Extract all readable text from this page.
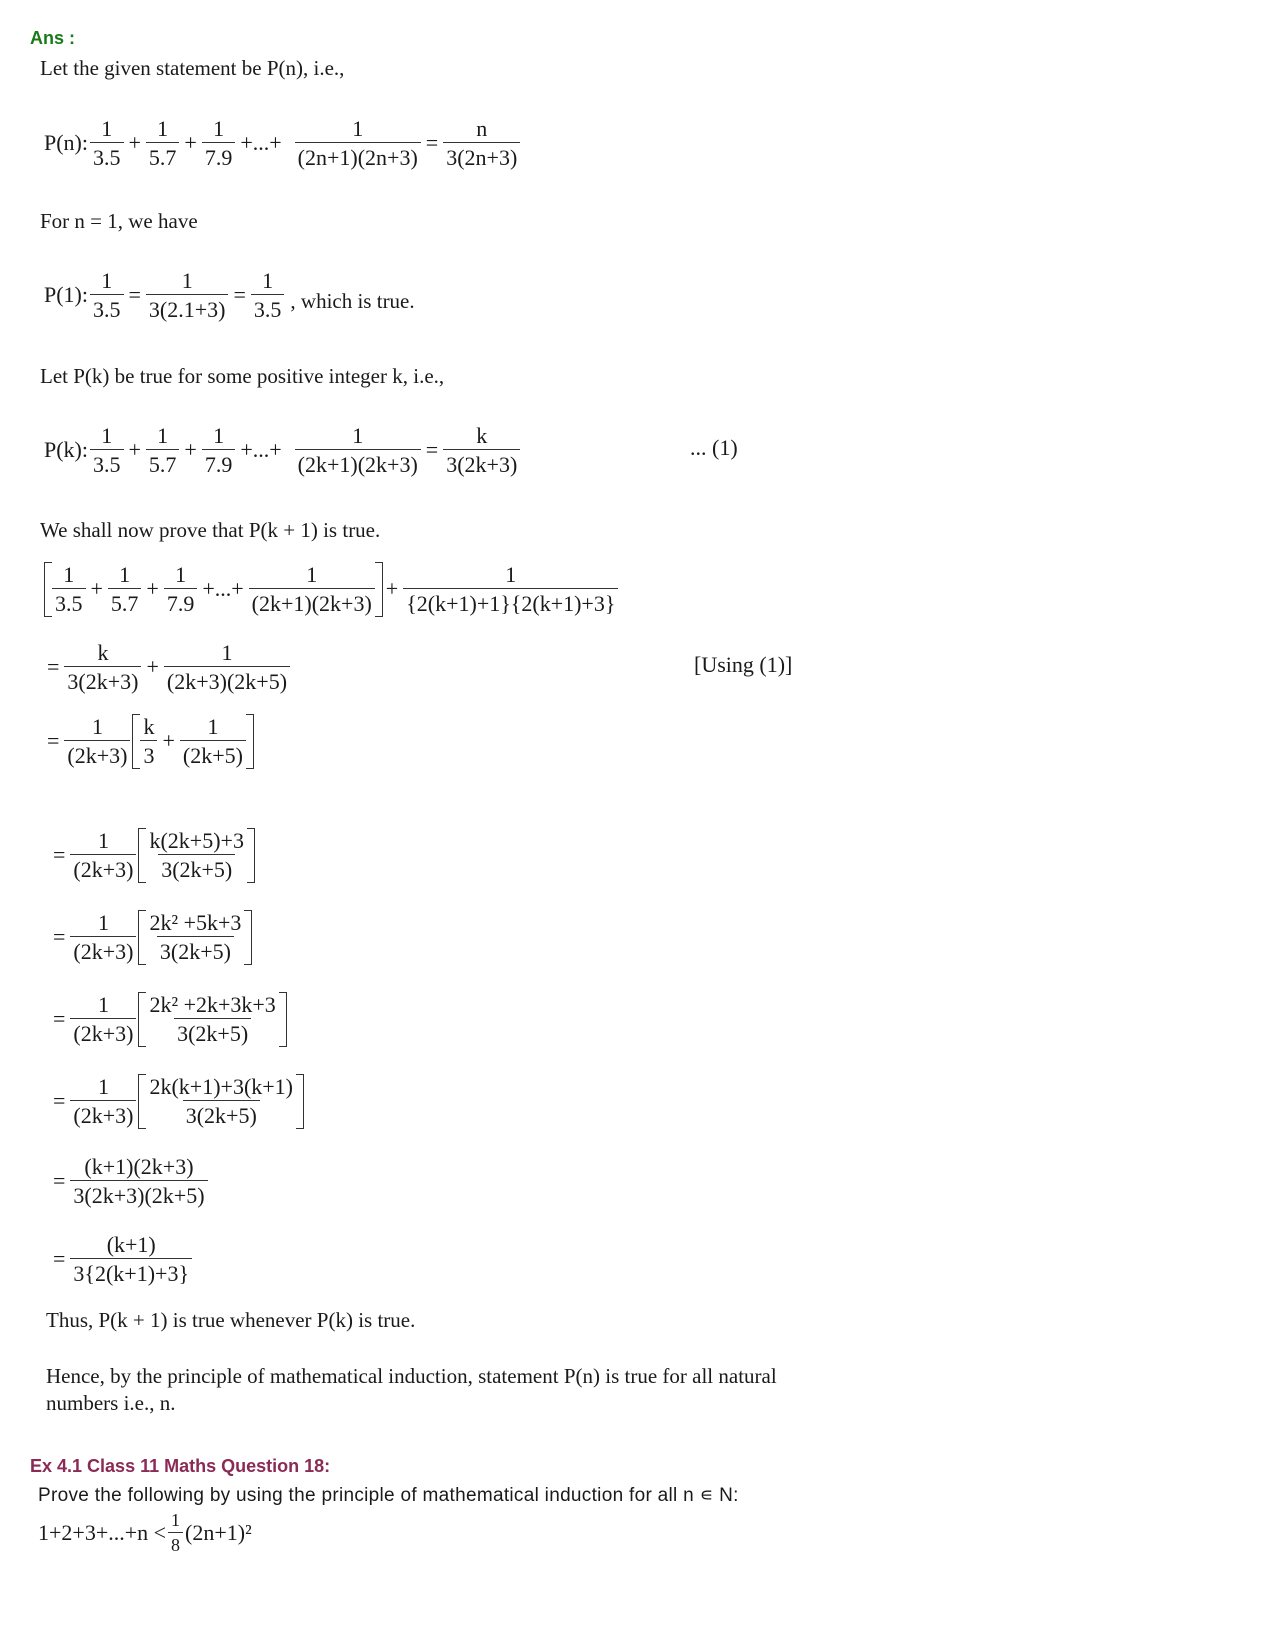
Ans :
Let the given statement be P(n), i.e.,
P(n): $\frac{1}{3.5} + \frac{1}{5.7} + \frac{1}{7.9}$ +...+ $\frac{1}{(2n+1)(2n+3)} = \frac{n}{3(2n+3)}$
For n = 1, we have
P(1): $\frac{1}{3.5} = \frac{1}{3(2.1+3)} = \frac{1}{3.5}$ , which is true.
Let P(k) be true for some positive integer k, i.e.,
P(k): $\frac{1}{3.5} + \frac{1}{5.7} + \frac{1}{7.9}$ +...+ $\frac{1}{(2k+1)(2k+3)} = \frac{k}{3(2k+3)}$	... (1)
We shall now prove that P(k + 1) is true.
$\frac{1}{3.5} + \frac{1}{5.7} + \frac{1}{7.9}$ +...+ $\frac{1}{(2k+1)(2k+3)} + \frac{1}{\{2(k+1)+1\}\{2(k+1)+3\}}$
= $\frac{k}{3(2k+3)} + \frac{1}{(2k+3)(2k+5)}$	[Using (1)]
= $\frac{1}{(2k+3)} \frac{k}{3} + \frac{1}{(2k+5)}$
= $\frac{1}{(2k+3)} \frac{k(2k+5)+3}{3(2k+5)}$
= $\frac{1}{(2k+3)} \frac{\text{2k² +5k+3}}{3(2k+5)}$
= $\frac{1}{(2k+3)} \frac{\text{2k² +2k+3k+3}}{3(2k+5)}$
= $\frac{1}{(2k+3)} \frac{2k(k+1)+3(k+1)}{3(2k+5)}$
= $\frac{(k+1)(2k+3)}{3(2k+3)(2k+5)}$
= $\frac{(k+1)}{3\{2(k+1)+3\}}$
Thus, P(k + 1) is true whenever P(k) is true.
Hence, by the principle of mathematical induction, statement P(n) is true for all natural
numbers i.e., n.
Ex 4.1 Class 11 Maths Question 18:
Prove the following by using the principle of mathematical induction for all n ∊ N:
$1+2+3+...+n < \frac{1}{8} (2n+1)^2$
